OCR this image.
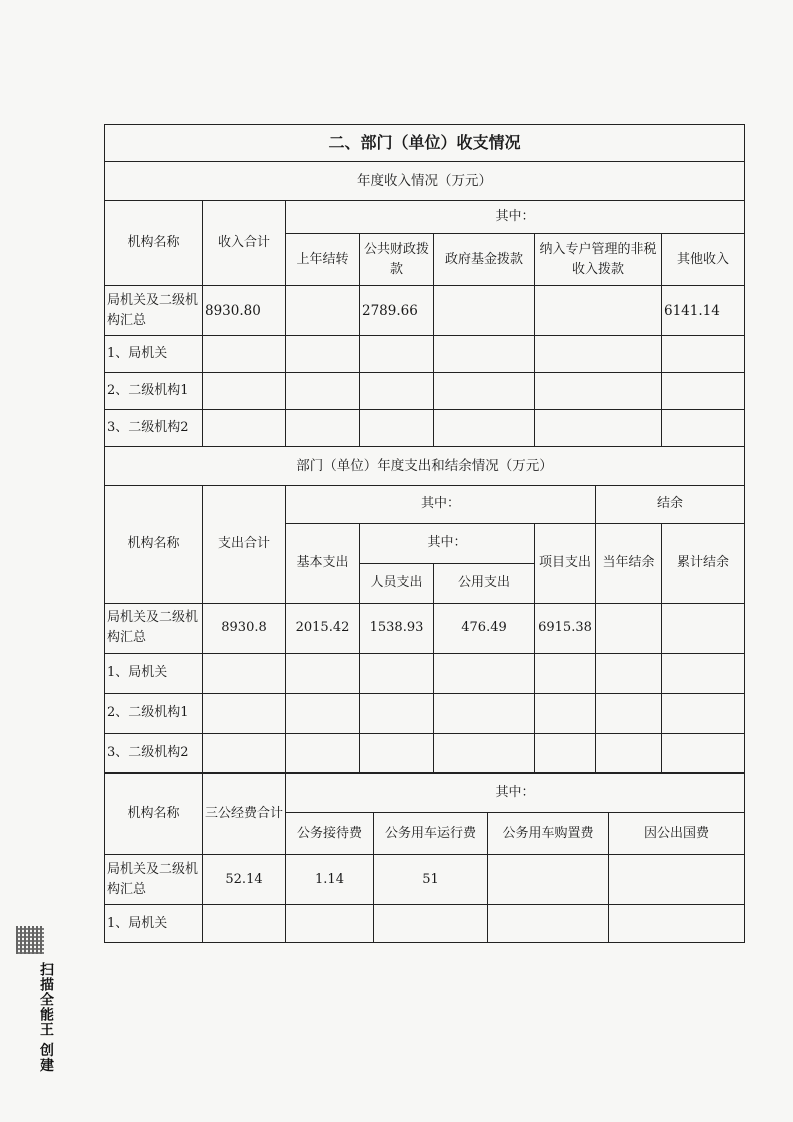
二、部门（单位）收支情况						
年度收入情况（万元）						
机构名称	收入合计	其中：				
		上年结转	公共财政拨款	政府基金拨款	纳入专户管理的非税收入拨款	其他收入
局机关及二级机构汇总	8930.80		2789.66			6141.14
1、局机关						
2、二级机构1						
3、二级机构2						
部门（单位）年度支出和结余情况（万元）							
机构名称	支出合计	其中：				结余	
		基本支出	其中：		项目支出	当年结余	累计结余
			人员支出	公用支出			
局机关及二级机构汇总	8930.8	2015.42	1538.93	476.49	6915.38		
1、局机关							
2、二级机构1							
3、二级机构2							
机构名称	三公经费合计	其中：			
		公务接待费	公务用车运行费	公务用车购置费	因公出国费
局机关及二级机构汇总	52.14	1.14	51		
1、局机关					
扫描全能王 创建
